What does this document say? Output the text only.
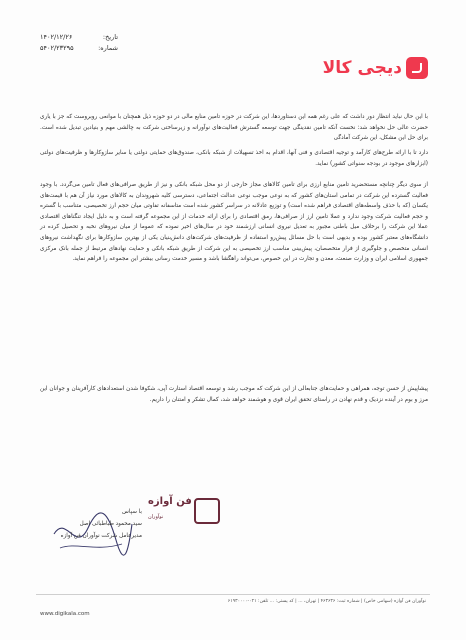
۱۴۰۲/۱۲/۲۶	تاریخ:
۵۴۰۲/۲۳۲۹۵	شماره:
دیجی کالا
با این حال نباید انتظار دور داشت که علی رغم همه این دستاوردها، این شرکت در حوزه تامین منابع مالی در دو حوزه ذیل همچنان با موانعی روبروست که جز با یاری حضرت عالی حل نخواهد شد: نخست آنکه تامین نقدینگی جهت توسعه گسترش فعالیت‌های نوآورانه و زیرساختی شرکت به چالشی مهم و بنیادین تبدیل شده است. برای حل این مشکل، این شرکت آمادگی
دارد تا با ارائه طرح‌های کارآمد و توجیه اقتصادی و فنی آنها، اقدام به اخذ تسهیلات از شبکه بانکی، صندوق‌های حمایتی دولتی یا سایر سازوکارها و ظرفیت‌های دولتی (ابزارهای موجود در بودجه سنواتی کشور) نماید.
از سوی دیگر چنانچه مستحضرید تامین منابع ارزی برای تامین کالاهای مجاز خارجی از دو محل شبکه بانکی و نیز از طریق صرافی‌های فعال تامین می‌گردد. با وجود فعالیت گسترده این شرکت در تمامی استان‌های کشور که به نوعی موجب نوعی عدالت اجتماعی، دسترسی کلیه شهروندان به کالاهای مورد نیاز آن هم با قیمت‌های یکسان (که با حذف واسطه‌های اقتصادی فراهم شده است) و توزیع عادلانه در سراسر کشور شده است متاسفانه تفاوتی میان حجم ارز تخصیصی، متناسب با گستره و حجم فعالیت شرکت وجود ندارد و عملا تامین ارز از صرافی‌ها، رمق اقتصادی را برای ارائه خدمات از این مجموعه گرفته است و به دلیل ایجاد تنگناهای اقتصادی عملا این شرکت را برخلاف میل باطنی مجبور به تعدیل نیروی انسانی ارزشمند خود در سال‌های اخیر نموده که عموما از میان نیروهای نخبه و تحصیل کرده در دانشگاه‌های معتبر کشور بوده و بدیهی است با حل مسائل پیش‌رو استفاده از ظرفیت‌های شرکت‌های دانش‌بنیان یکی از بهترین سازوکارها برای نگهداشت نیروهای انسانی متخصص و جلوگیری از فرار متخصصان، پیش‌بینی مناسب ارز تخصیصی به این شرکت از طریق شبکه بانکی و حمایت نهادهای مرتبط از جمله بانک مرکزی جمهوری اسلامی ایران و وزارت صنعت، معدن و تجارت در این خصوص، می‌تواند راهگشا باشد و مسیر خدمت رسانی بیشتر این مجموعه را فراهم نماید.
پیشاپیش از حسن توجه، همراهی و حمایت‌های جنابعالی از این شرکت که موجب رشد و توسعه اقتصاد استارت آپی، شکوفا شدن استعدادهای کارآفرینان و جوانان این مرز و بوم در آینده نزدیک و قدم نهادن در راستای تحقق ایران قوی و هوشمند خواهد شد، کمال تشکر و امتنان را داریم.
فن آوازه
نوآوران
با سپاس
سید محمود طباطبائی اصل
مدیرعامل شرکت نوآوران فن آوازه
نوآوران فن آوازه (سهامی خاص) | شماره ثبت: ۴۶۳۶۳۶ | تهران، ... | کد پستی: ... تلفن: ۰۲۱-۶۱۹۳۰۰۰۰
www.digikala.com
